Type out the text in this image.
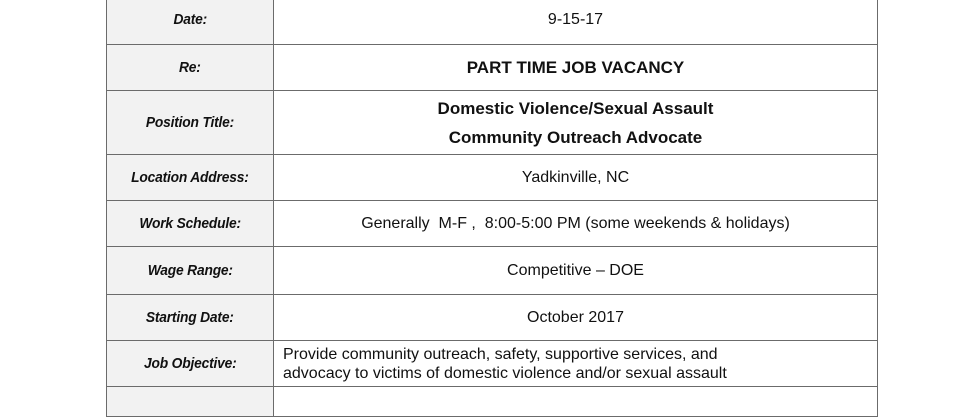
Date:	9-15-17
Re:	PART TIME JOB VACANCY
Position Title:	Domestic Violence/Sexual Assault
Community Outreach Advocate

Location Address:	Yadkinville, NC
Work Schedule:	Generally  M-F ,  8:00-5:00 PM (some weekends & holidays)
Wage Range:	Competitive – DOE
Starting Date:	October 2017
Job Objective:	Provide community outreach, safety, supportive services, and
advocacy to victims of domestic violence and/or sexual assault
